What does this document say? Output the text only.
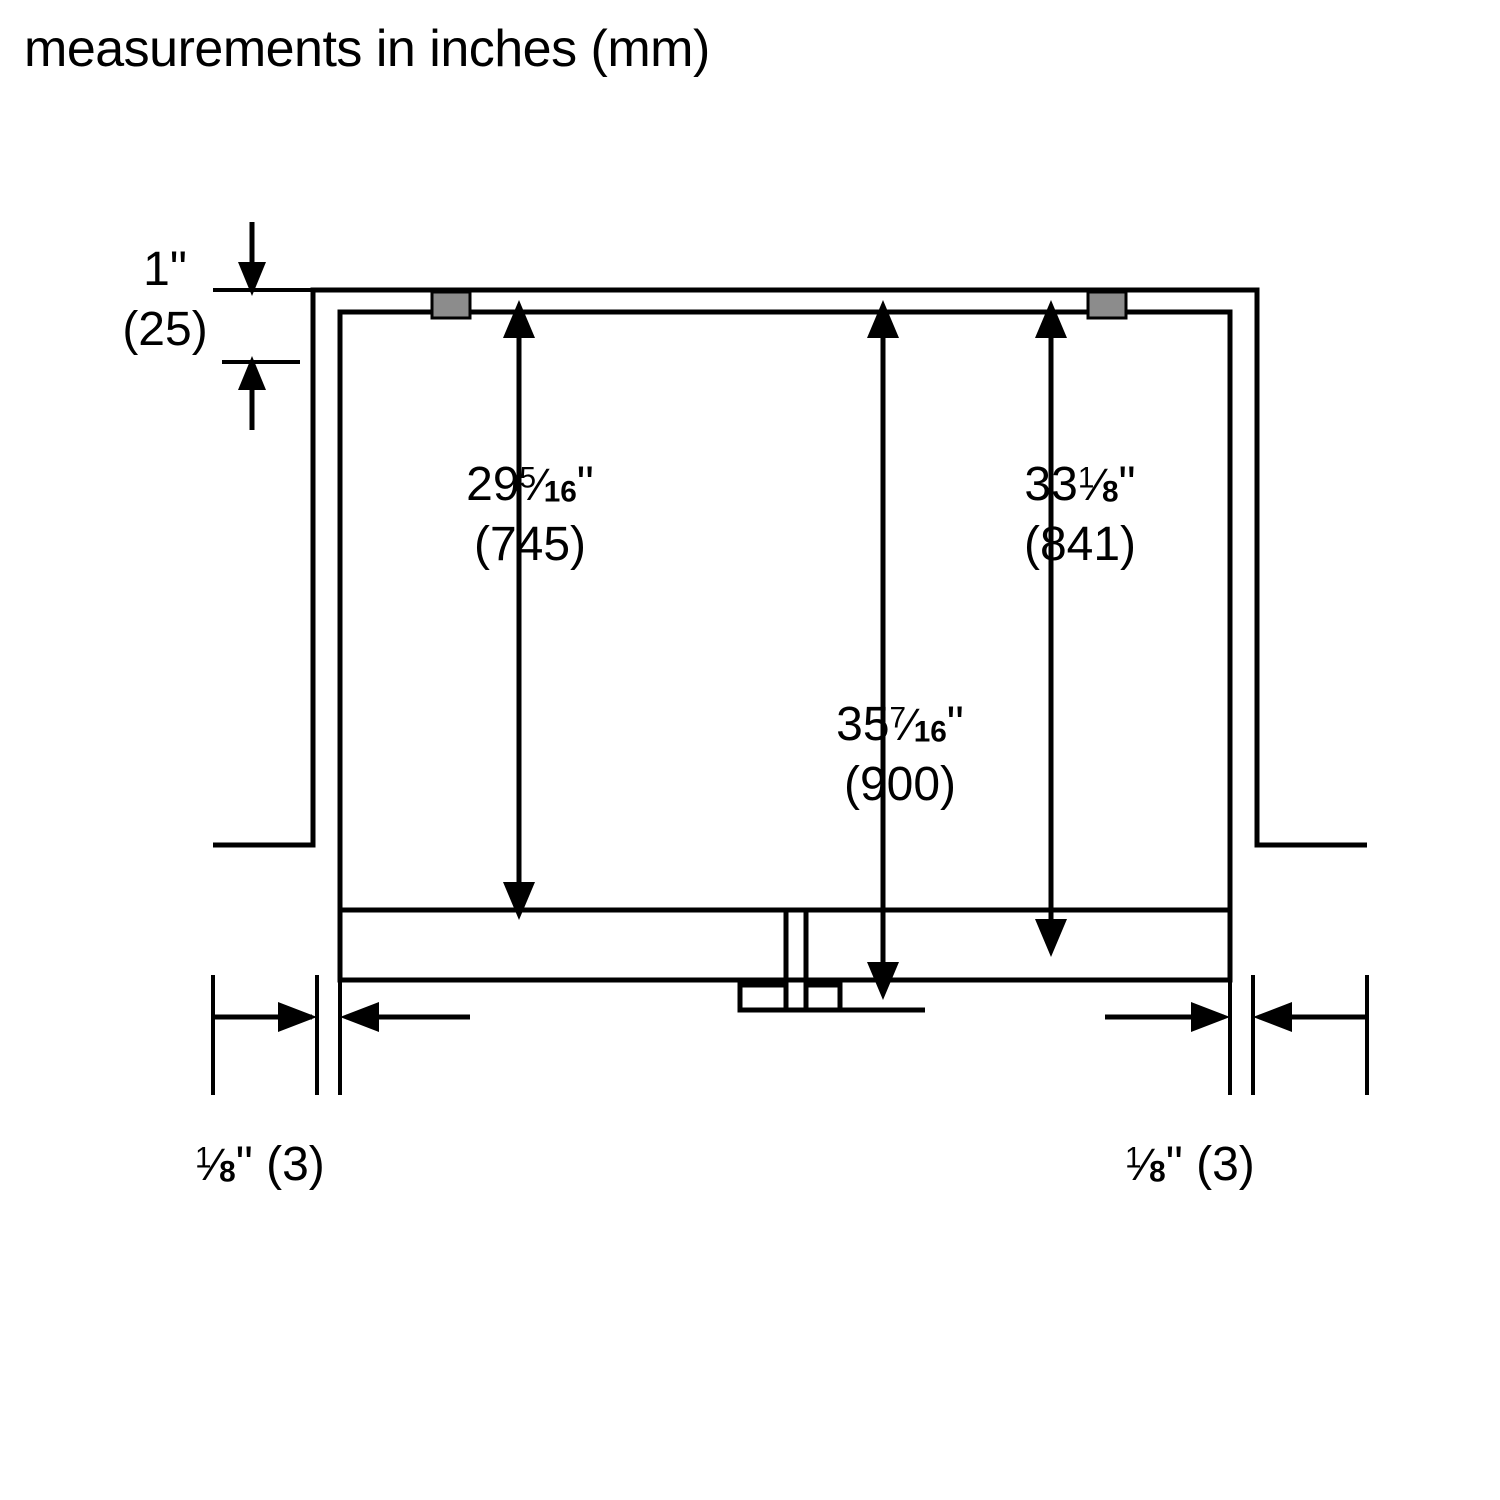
measurements in inches (mm)
1"
(25)
$29^5⁄_{16}$"
(745)
$33^1⁄_8$"
(841)
$35^7⁄_{16}$"
(900)
$^1⁄_8$" (3)	$^1⁄_8$" (3)
